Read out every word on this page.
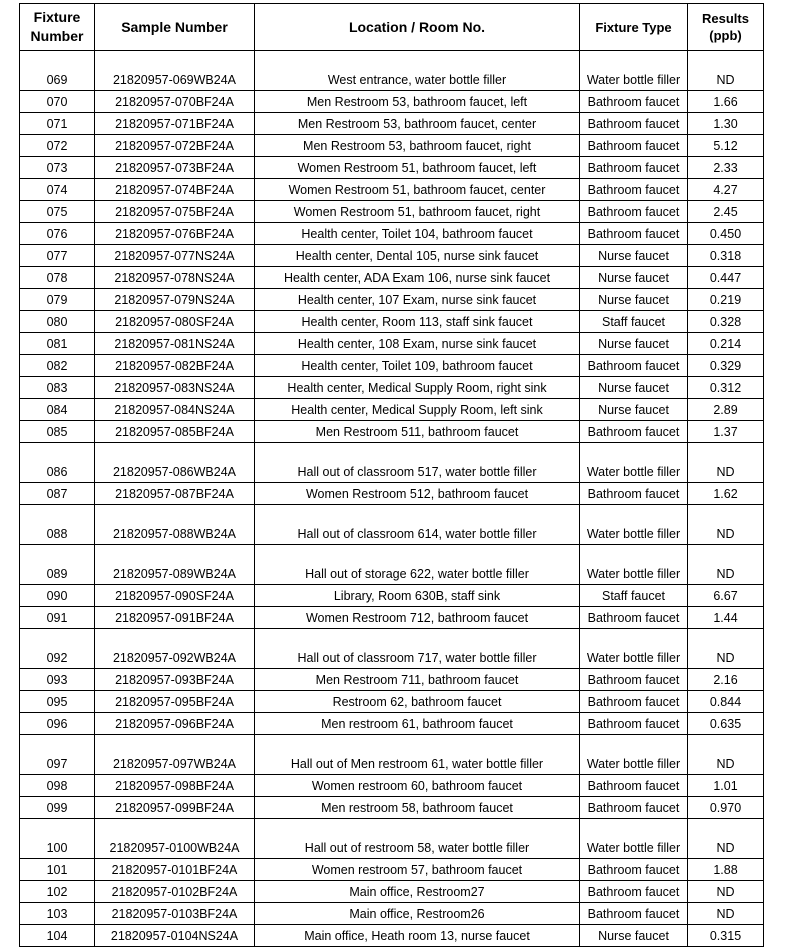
Fixture Number	Sample Number	Location / Room No.	Fixture Type	Results (ppb)
069	21820957-069WB24A	West entrance, water bottle filler	Water bottle filler	ND
070	21820957-070BF24A	Men Restroom 53, bathroom faucet, left	Bathroom faucet	1.66
071	21820957-071BF24A	Men Restroom 53, bathroom faucet, center	Bathroom faucet	1.30
072	21820957-072BF24A	Men Restroom 53, bathroom faucet, right	Bathroom faucet	5.12
073	21820957-073BF24A	Women Restroom 51, bathroom faucet, left	Bathroom faucet	2.33
074	21820957-074BF24A	Women Restroom 51, bathroom faucet, center	Bathroom faucet	4.27
075	21820957-075BF24A	Women Restroom 51, bathroom faucet, right	Bathroom faucet	2.45
076	21820957-076BF24A	Health center, Toilet 104, bathroom faucet	Bathroom faucet	0.450
077	21820957-077NS24A	Health center, Dental 105, nurse sink faucet	Nurse faucet	0.318
078	21820957-078NS24A	Health center, ADA Exam 106, nurse sink faucet	Nurse faucet	0.447
079	21820957-079NS24A	Health center, 107 Exam, nurse sink faucet	Nurse faucet	0.219
080	21820957-080SF24A	Health center, Room 113, staff sink faucet	Staff faucet	0.328
081	21820957-081NS24A	Health center, 108 Exam, nurse sink faucet	Nurse faucet	0.214
082	21820957-082BF24A	Health center, Toilet 109, bathroom faucet	Bathroom faucet	0.329
083	21820957-083NS24A	Health center, Medical Supply Room, right sink	Nurse faucet	0.312
084	21820957-084NS24A	Health center, Medical Supply Room, left sink	Nurse faucet	2.89
085	21820957-085BF24A	Men Restroom 511, bathroom faucet	Bathroom faucet	1.37
086	21820957-086WB24A	Hall out of classroom 517, water bottle filler	Water bottle filler	ND
087	21820957-087BF24A	Women Restroom 512, bathroom faucet	Bathroom faucet	1.62
088	21820957-088WB24A	Hall out of classroom 614, water bottle filler	Water bottle filler	ND
089	21820957-089WB24A	Hall out of storage 622, water bottle filler	Water bottle filler	ND
090	21820957-090SF24A	Library, Room 630B, staff sink	Staff faucet	6.67
091	21820957-091BF24A	Women Restroom 712, bathroom faucet	Bathroom faucet	1.44
092	21820957-092WB24A	Hall out of classroom 717, water bottle filler	Water bottle filler	ND
093	21820957-093BF24A	Men Restroom 711, bathroom faucet	Bathroom faucet	2.16
095	21820957-095BF24A	Restroom 62, bathroom faucet	Bathroom faucet	0.844
096	21820957-096BF24A	Men restroom 61, bathroom faucet	Bathroom faucet	0.635
097	21820957-097WB24A	Hall out of Men restroom 61, water bottle filler	Water bottle filler	ND
098	21820957-098BF24A	Women restroom 60, bathroom faucet	Bathroom faucet	1.01
099	21820957-099BF24A	Men restroom 58, bathroom faucet	Bathroom faucet	0.970
100	21820957-0100WB24A	Hall out of restroom 58, water bottle filler	Water bottle filler	ND
101	21820957-0101BF24A	Women restroom 57, bathroom faucet	Bathroom faucet	1.88
102	21820957-0102BF24A	Main office, Restroom27	Bathroom faucet	ND
103	21820957-0103BF24A	Main office, Restroom26	Bathroom faucet	ND
104	21820957-0104NS24A	Main office, Heath room 13, nurse faucet	Nurse faucet	0.315
